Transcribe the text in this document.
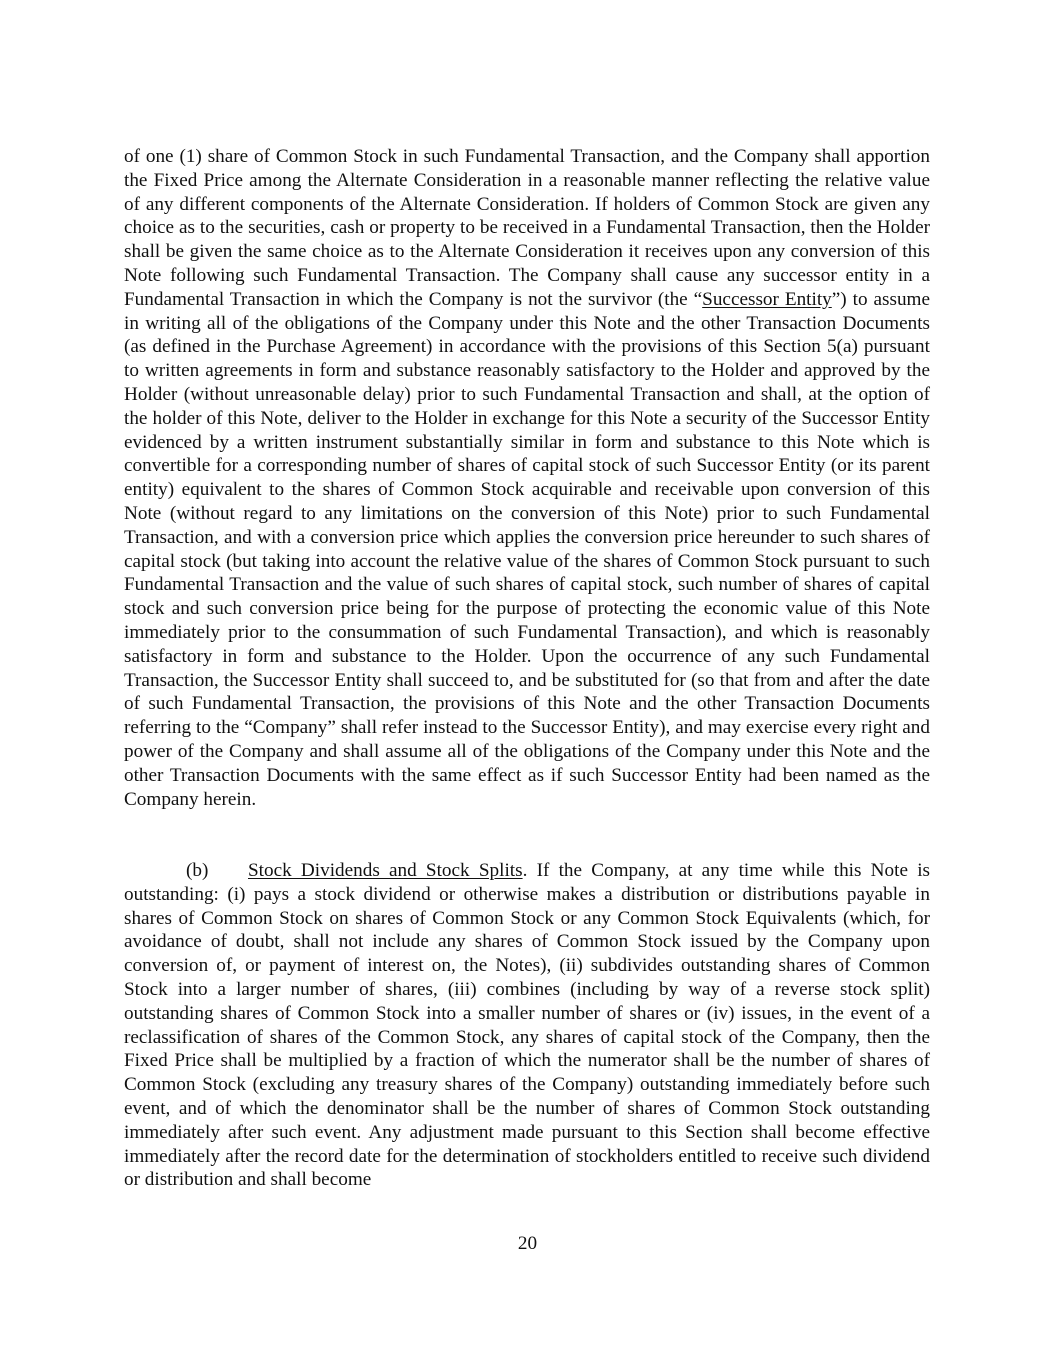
of one (1) share of Common Stock in such Fundamental Transaction, and the Company shall apportion the Fixed Price among the Alternate Consideration in a reasonable manner reflecting the relative value of any different components of the Alternate Consideration. If holders of Common Stock are given any choice as to the securities, cash or property to be received in a Fundamental Transaction, then the Holder shall be given the same choice as to the Alternate Consideration it receives upon any conversion of this Note following such Fundamental Transaction. The Company shall cause any successor entity in a Fundamental Transaction in which the Company is not the survivor (the “Successor Entity”) to assume in writing all of the obligations of the Company under this Note and the other Transaction Documents (as defined in the Purchase Agreement) in accordance with the provisions of this Section 5(a) pursuant to written agreements in form and substance reasonably satisfactory to the Holder and approved by the Holder (without unreasonable delay) prior to such Fundamental Transaction and shall, at the option of the holder of this Note, deliver to the Holder in exchange for this Note a security of the Successor Entity evidenced by a written instrument substantially similar in form and substance to this Note which is convertible for a corresponding number of shares of capital stock of such Successor Entity (or its parent entity) equivalent to the shares of Common Stock acquirable and receivable upon conversion of this Note (without regard to any limitations on the conversion of this Note) prior to such Fundamental Transaction, and with a conversion price which applies the conversion price hereunder to such shares of capital stock (but taking into account the relative value of the shares of Common Stock pursuant to such Fundamental Transaction and the value of such shares of capital stock, such number of shares of capital stock and such conversion price being for the purpose of protecting the economic value of this Note immediately prior to the consummation of such Fundamental Transaction), and which is reasonably satisfactory in form and substance to the Holder. Upon the occurrence of any such Fundamental Transaction, the Successor Entity shall succeed to, and be substituted for (so that from and after the date of such Fundamental Transaction, the provisions of this Note and the other Transaction Documents referring to the “Company” shall refer instead to the Successor Entity), and may exercise every right and power of the Company and shall assume all of the obligations of the Company under this Note and the other Transaction Documents with the same effect as if such Successor Entity had been named as the Company herein.

(b) Stock Dividends and Stock Splits. If the Company, at any time while this Note is outstanding: (i) pays a stock dividend or otherwise makes a distribution or distributions payable in shares of Common Stock on shares of Common Stock or any Common Stock Equivalents (which, for avoidance of doubt, shall not include any shares of Common Stock issued by the Company upon conversion of, or payment of interest on, the Notes), (ii) subdivides outstanding shares of Common Stock into a larger number of shares, (iii) combines (including by way of a reverse stock split) outstanding shares of Common Stock into a smaller number of shares or (iv) issues, in the event of a reclassification of shares of the Common Stock, any shares of capital stock of the Company, then the Fixed Price shall be multiplied by a fraction of which the numerator shall be the number of shares of Common Stock (excluding any treasury shares of the Company) outstanding immediately before such event, and of which the denominator shall be the number of shares of Common Stock outstanding immediately after such event. Any adjustment made pursuant to this Section shall become effective immediately after the record date for the determination of stockholders entitled to receive such dividend or distribution and shall become

20
